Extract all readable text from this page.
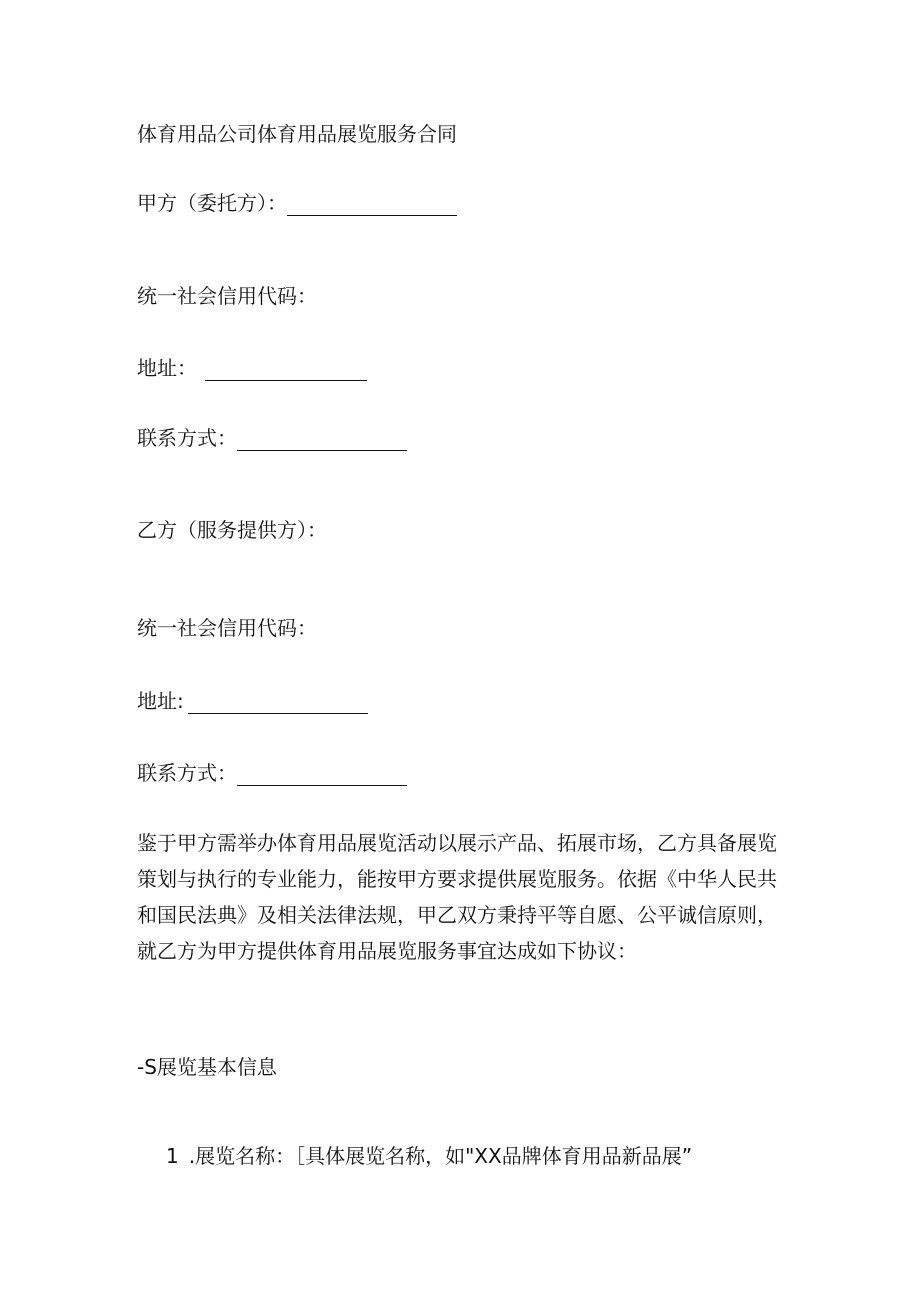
体育用品公司体育用品展览服务合同
甲方（委托方）：
统一社会信用代码：
地址：
联系方式：
乙方（服务提供方）：
统一社会信用代码：
地址:
联系方式：
鉴于甲方需举办体育用品展览活动以展示产品、拓展市场，乙方具备展览
策划与执行的专业能力，能按甲方要求提供展览服务。依据《中华人民共
和国民法典》及相关法律法规，甲乙双方秉持平等自愿、公平诚信原则，
就乙方为甲方提供体育用品展览服务事宜达成如下协议：
-S展览基本信息
1 .展览名称：［具体展览名称，如"XX品牌体育用品新品展”
